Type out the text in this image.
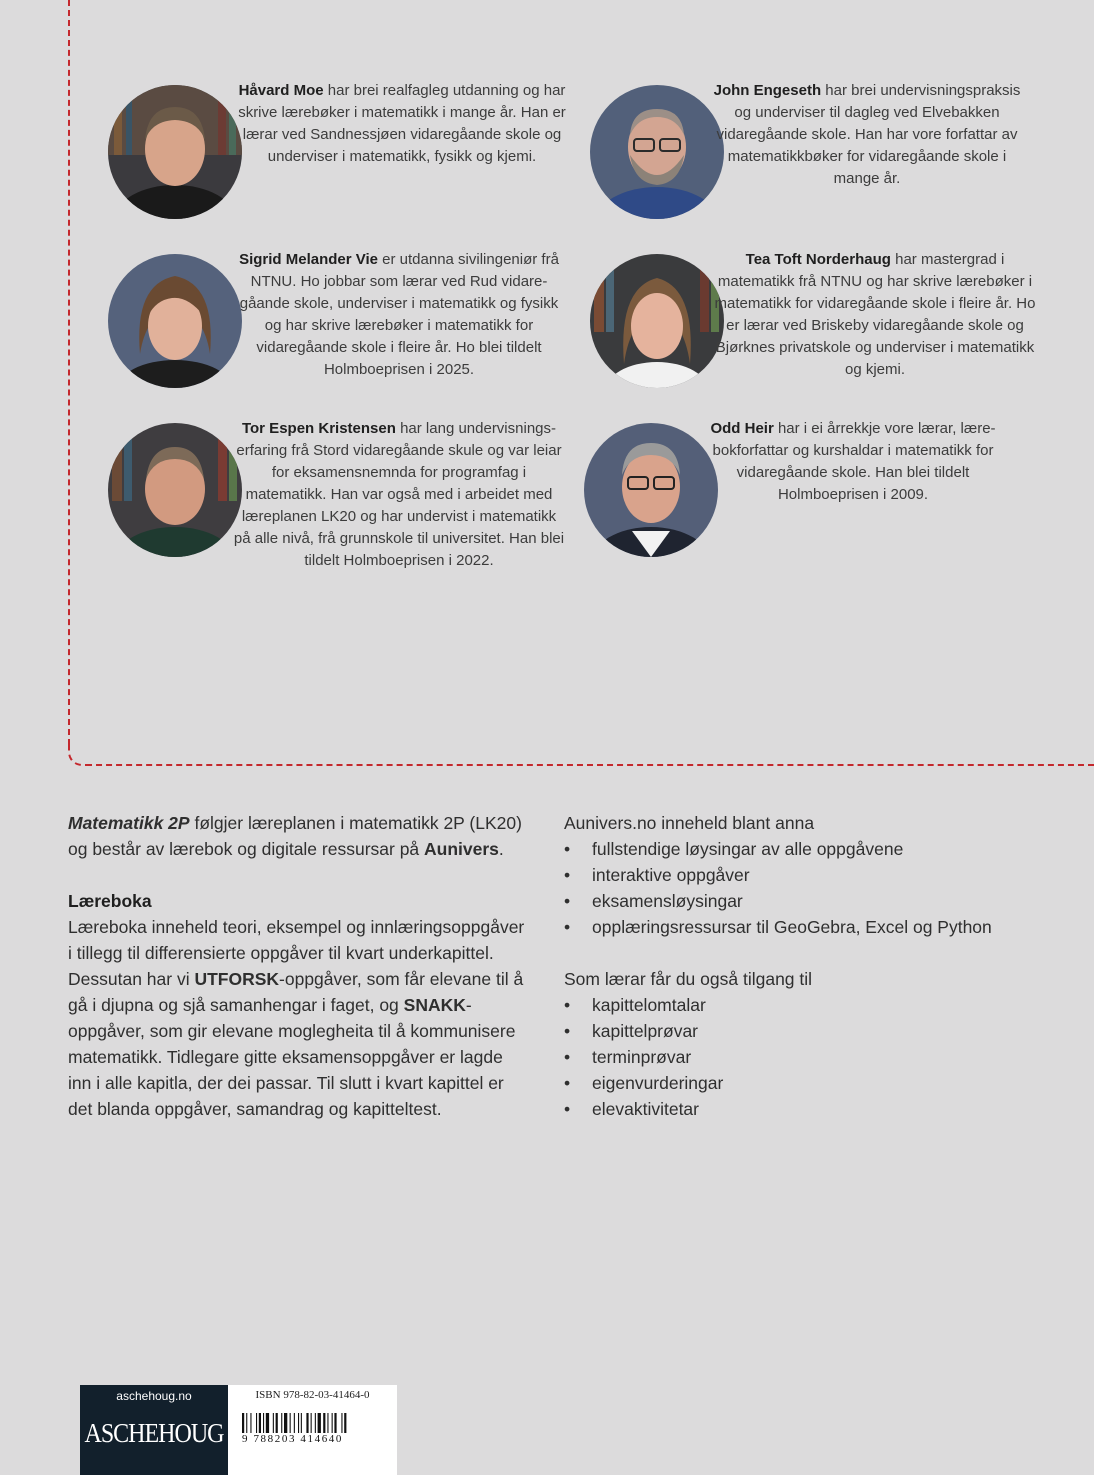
Håvard Moe har brei realfagleg utdanning og har skrive lærebøker i matematikk i mange år. Han er lærar ved Sandnessjøen vidaregåande skole og underviser i matematikk, fysikk og kjemi.

John Engeseth har brei undervisningspraksis og underviser til dagleg ved Elvebakken vidaregåande skole. Han har vore forfattar av matematikkbøker for vidaregåande skole i mange år.

Sigrid Melander Vie er utdanna sivilingeniør frå NTNU. Ho jobbar som lærar ved Rud vidaregåande skole, underviser i matematikk og fysikk og har skrive lærebøker i matematikk for vidaregåande skole i fleire år. Ho blei tildelt Holmboeprisen i 2025.

Tea Toft Norderhaug har mastergrad i matematikk frå NTNU og har skrive lærebøker i matematikk for vidaregåande skole i fleire år. Ho er lærar ved Briskeby vidaregåande skole og Bjørknes privatskole og underviser i matematikk og kjemi.

Tor Espen Kristensen har lang undervisningserfaring frå Stord vidaregåande skule og var leiar for eksamensnemnda for programfag i matematikk. Han var også med i arbeidet med læreplanen LK20 og har undervist i matematikk på alle nivå, frå grunnskole til universitet. Han blei tildelt Holmboeprisen i 2022.

Odd Heir har i ei årrekkje vore lærar, lærebokforfattar og kurshaldar i matematikk for vidaregåande skole. Han blei tildelt Holmboeprisen i 2009.

Matematikk 2P følgjer læreplanen i matematikk 2P (LK20) og består av lærebok og digitale ressursar på Aunivers.

Læreboka

Læreboka inneheld teori, eksempel og innlæringsoppgåver i tillegg til differensierte oppgåver til kvart underkapittel. Dessutan har vi UTFORSK-oppgåver, som får elevane til å gå i djupna og sjå samanhengar i faget, og SNAKK-oppgåver, som gir elevane moglegheita til å kommunisere matematikk. Tidlegare gitte eksamensoppgåver er lagde inn i alle kapitla, der dei passar. Til slutt i kvart kapittel er det blanda oppgåver, samandrag og kapitteltest.

Aunivers.no inneheld blant anna

• fullstendige løysingar av alle oppgåvene
• interaktive oppgåver
• eksamensløysingar
• opplæringsressursar til GeoGebra, Excel og Python

Som lærar får du også tilgang til

• kapittelomtalar
• kapittelprøvar
• terminprøvar
• eigenvurderingar
• elevaktivitetar
aschehoug.no
ASCHEHOUG
ISBN 978-82-03-41464-0
9 788203 414640
